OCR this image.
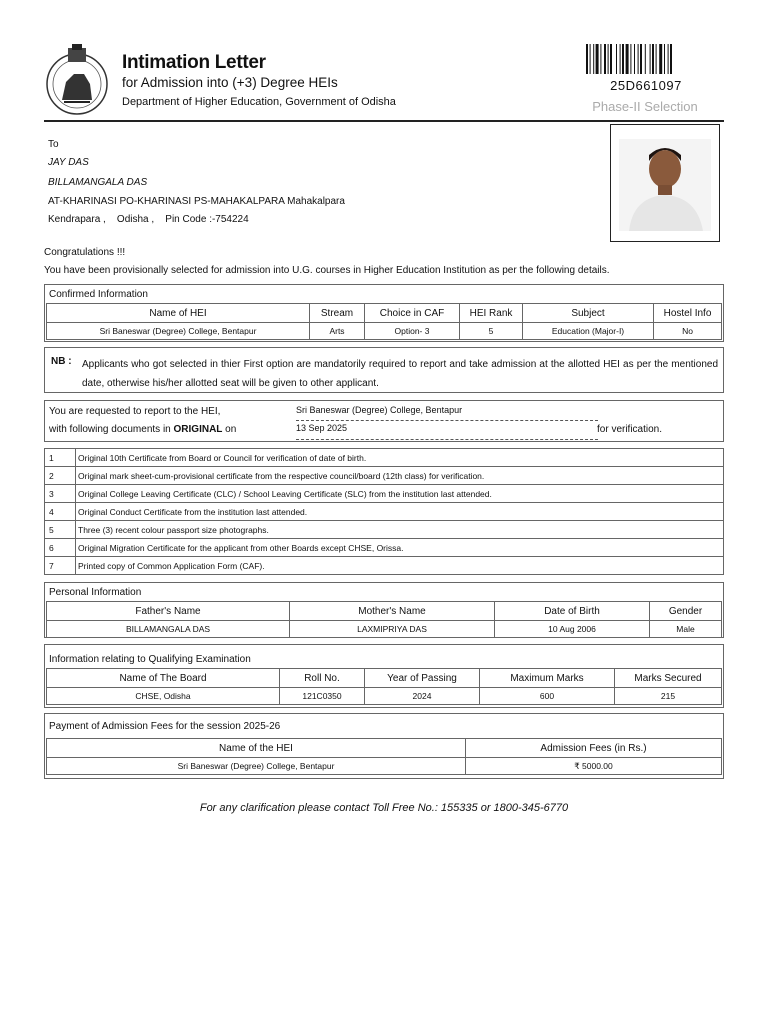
Intimation Letter
for Admission into (+3) Degree HEIs
Department of Higher Education, Government of Odisha
25D661097
Phase-II Selection
To
JAY DAS
BILLAMANGALA DAS
AT-KHARINASI PO-KHARINASI PS-MAHAKALPARA Mahakalpara
Kendrapara ,    Odisha ,    Pin Code :-754224
Congratulations !!!
You have been provisionally selected for admission into U.G. courses in Higher Education Institution as per the following details.
Confirmed Information
Name of HEI	Stream	Choice in CAF	HEI Rank	Subject	Hostel Info
Sri Baneswar (Degree) College, Bentapur	Arts	Option- 3	5	Education (Major-I)	No
NB : Applicants who got selected in thier First option are mandatorily required to report and take admission at the allotted HEI as per the mentioned date, otherwise his/her allotted seat will be given to other applicant.
You are requested to report to the HEI,
with following documents in ORIGINAL on
Sri Baneswar (Degree) College, Bentapur
13 Sep 2025	for verification.
1	Original 10th Certificate from Board or Council for verification of date of birth.
2	Original mark sheet-cum-provisional certificate from the respective council/board (12th class) for verification.
3	Original College Leaving Certificate (CLC) / School Leaving Certificate (SLC) from the institution last attended.
4	Original Conduct Certificate from the institution last attended.
5	Three (3) recent colour passport size photographs.
6	Original Migration Certificate for the applicant from other Boards except CHSE, Orissa.
7	Printed copy of Common Application Form (CAF).
Personal Information
Father's Name	Mother's Name	Date of Birth	Gender
BILLAMANGALA DAS	LAXMIPRIYA DAS	10 Aug 2006	Male
Information relating to Qualifying Examination
Name of The Board	Roll No.	Year of Passing	Maximum Marks	Marks Secured
CHSE, Odisha	121C0350	2024	600	215
Payment of Admission Fees for the session 2025-26
Name of the HEI	Admission Fees (in Rs.)
Sri Baneswar (Degree) College, Bentapur	₹ 5000.00
For any clarification please contact Toll Free No.: 155335 or 1800-345-6770
